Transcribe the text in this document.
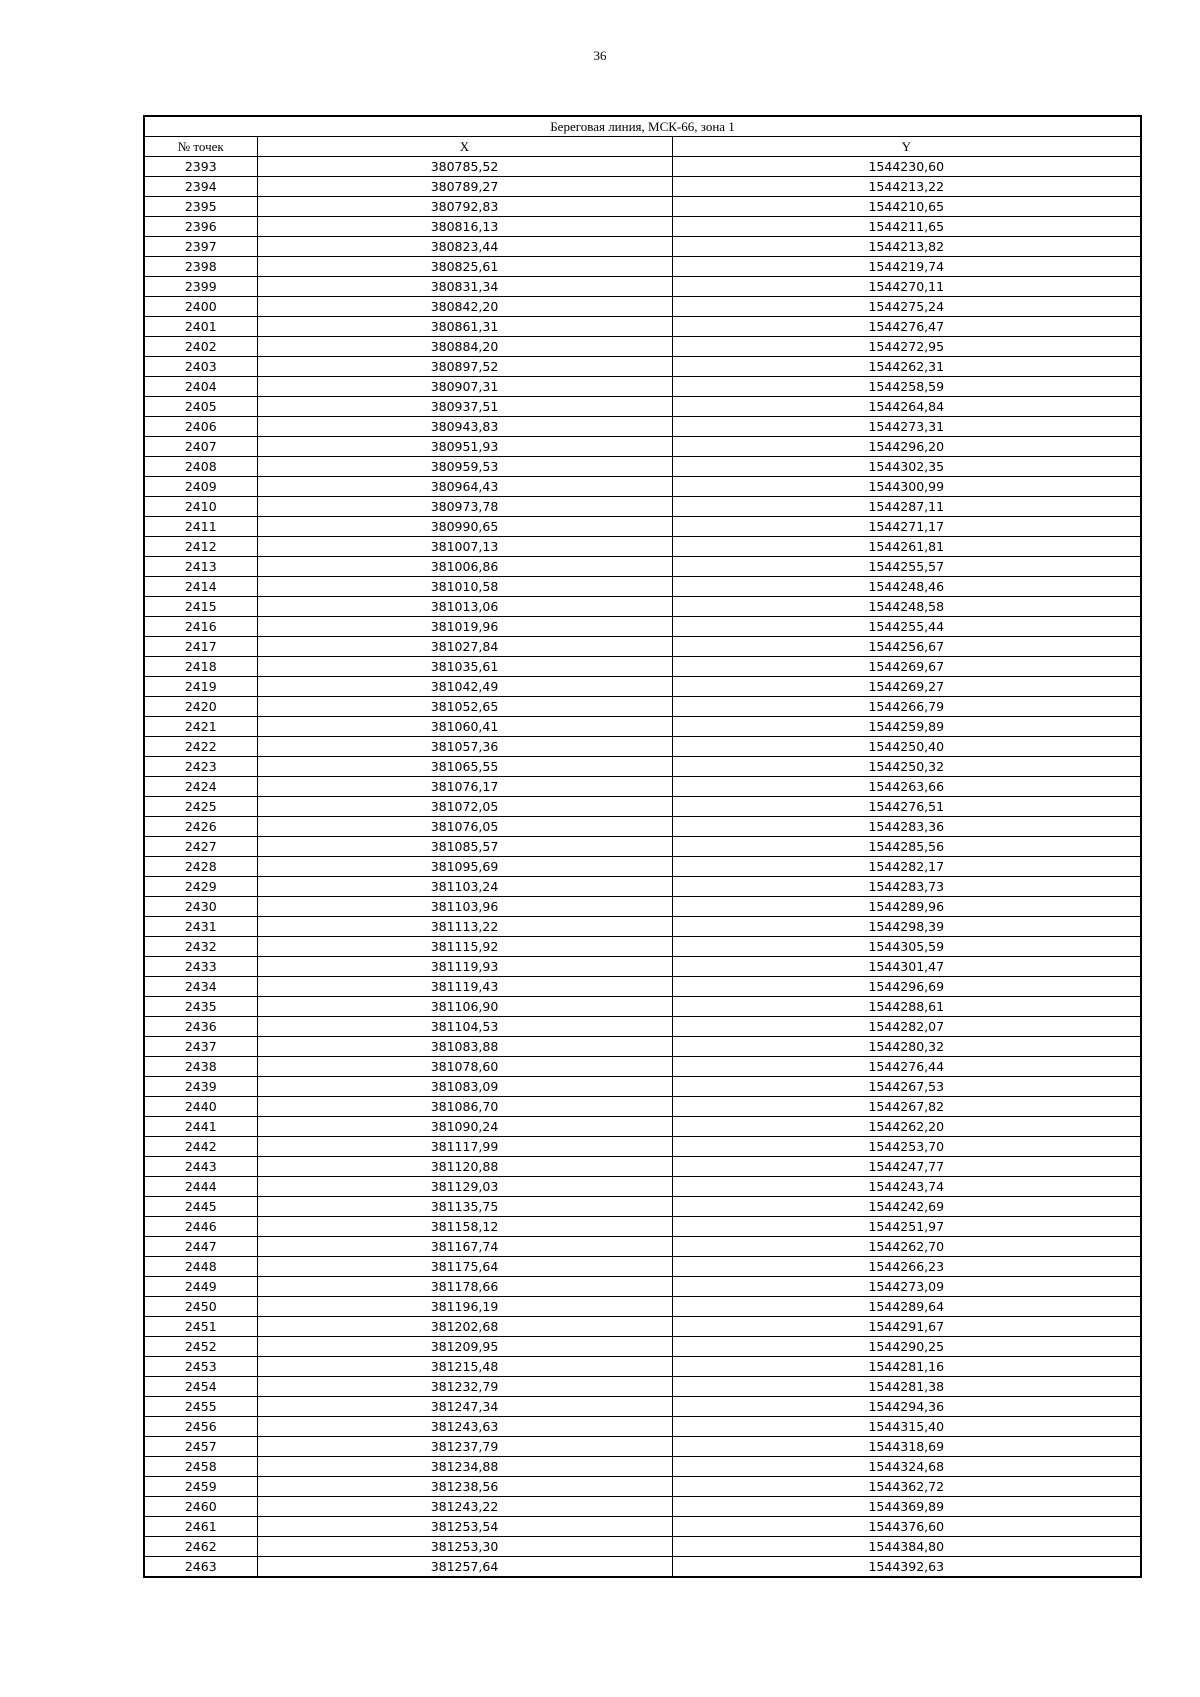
36
Береговая линия, МСК-66, зона 1		
№ точек	X	Y
2393	380785,52	1544230,60
2394	380789,27	1544213,22
2395	380792,83	1544210,65
2396	380816,13	1544211,65
2397	380823,44	1544213,82
2398	380825,61	1544219,74
2399	380831,34	1544270,11
2400	380842,20	1544275,24
2401	380861,31	1544276,47
2402	380884,20	1544272,95
2403	380897,52	1544262,31
2404	380907,31	1544258,59
2405	380937,51	1544264,84
2406	380943,83	1544273,31
2407	380951,93	1544296,20
2408	380959,53	1544302,35
2409	380964,43	1544300,99
2410	380973,78	1544287,11
2411	380990,65	1544271,17
2412	381007,13	1544261,81
2413	381006,86	1544255,57
2414	381010,58	1544248,46
2415	381013,06	1544248,58
2416	381019,96	1544255,44
2417	381027,84	1544256,67
2418	381035,61	1544269,67
2419	381042,49	1544269,27
2420	381052,65	1544266,79
2421	381060,41	1544259,89
2422	381057,36	1544250,40
2423	381065,55	1544250,32
2424	381076,17	1544263,66
2425	381072,05	1544276,51
2426	381076,05	1544283,36
2427	381085,57	1544285,56
2428	381095,69	1544282,17
2429	381103,24	1544283,73
2430	381103,96	1544289,96
2431	381113,22	1544298,39
2432	381115,92	1544305,59
2433	381119,93	1544301,47
2434	381119,43	1544296,69
2435	381106,90	1544288,61
2436	381104,53	1544282,07
2437	381083,88	1544280,32
2438	381078,60	1544276,44
2439	381083,09	1544267,53
2440	381086,70	1544267,82
2441	381090,24	1544262,20
2442	381117,99	1544253,70
2443	381120,88	1544247,77
2444	381129,03	1544243,74
2445	381135,75	1544242,69
2446	381158,12	1544251,97
2447	381167,74	1544262,70
2448	381175,64	1544266,23
2449	381178,66	1544273,09
2450	381196,19	1544289,64
2451	381202,68	1544291,67
2452	381209,95	1544290,25
2453	381215,48	1544281,16
2454	381232,79	1544281,38
2455	381247,34	1544294,36
2456	381243,63	1544315,40
2457	381237,79	1544318,69
2458	381234,88	1544324,68
2459	381238,56	1544362,72
2460	381243,22	1544369,89
2461	381253,54	1544376,60
2462	381253,30	1544384,80
2463	381257,64	1544392,63
